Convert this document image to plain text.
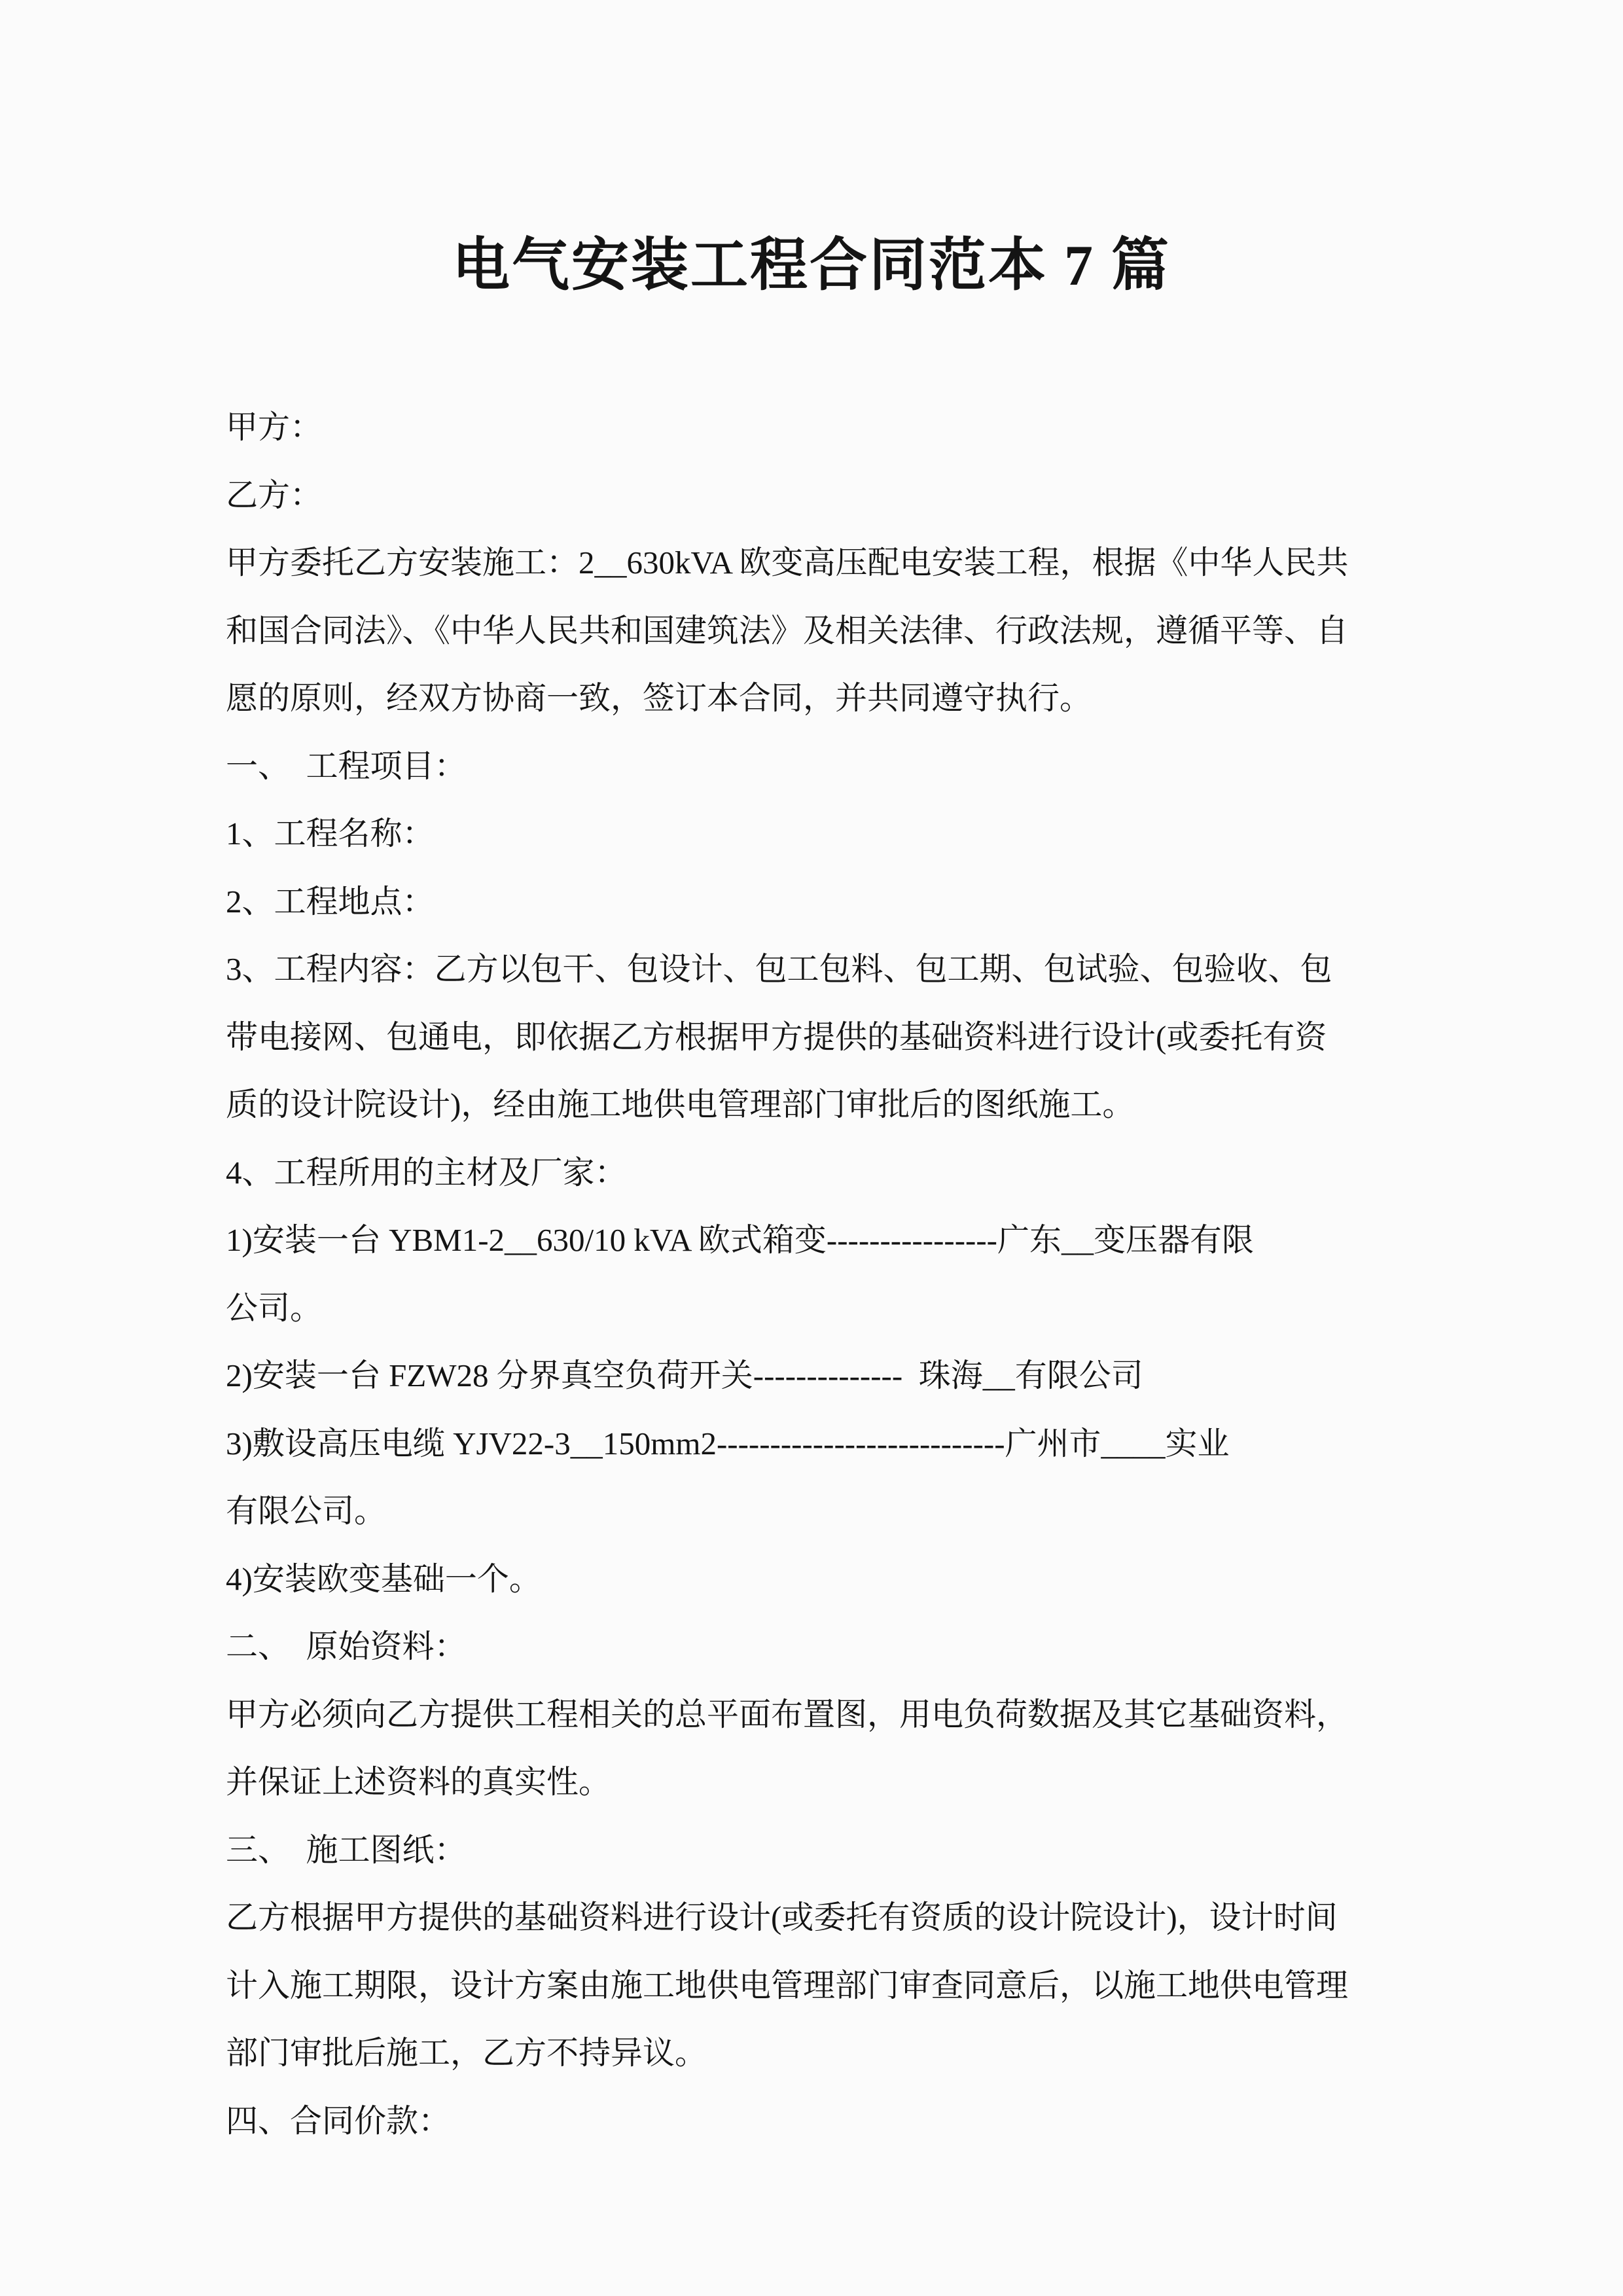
电气安装工程合同范本 7 篇
甲方：
乙方：
甲方委托乙方安装施工：2__630kVA 欧变高压配电安装工程，根据《中华人民共
和国合同法》、《中华人民共和国建筑法》及相关法律、行政法规，遵循平等、自
愿的原则，经双方协商一致，签订本合同，并共同遵守执行。
一、　工程项目：
1、工程名称：
2、工程地点：
3、工程内容：乙方以包干、包设计、包工包料、包工期、包试验、包验收、包
带电接网、包通电，即依据乙方根据甲方提供的基础资料进行设计(或委托有资
质的设计院设计)，经由施工地供电管理部门审批后的图纸施工。
4、工程所用的主材及厂家：
1)安装一台 YBM1-2__630/10 kVA 欧式箱变----------------广东__变压器有限
公司。
2)安装一台 FZW28 分界真空负荷开关--------------  珠海__有限公司
3)敷设高压电缆 YJV22-3__150mm2---------------------------广州市____实业
有限公司。
4)安装欧变基础一个。
二、　原始资料：
甲方必须向乙方提供工程相关的总平面布置图，用电负荷数据及其它基础资料，
并保证上述资料的真实性。
三、　施工图纸：
乙方根据甲方提供的基础资料进行设计(或委托有资质的设计院设计)，设计时间
计入施工期限，设计方案由施工地供电管理部门审查同意后，以施工地供电管理
部门审批后施工，乙方不持异议。
四、合同价款：
